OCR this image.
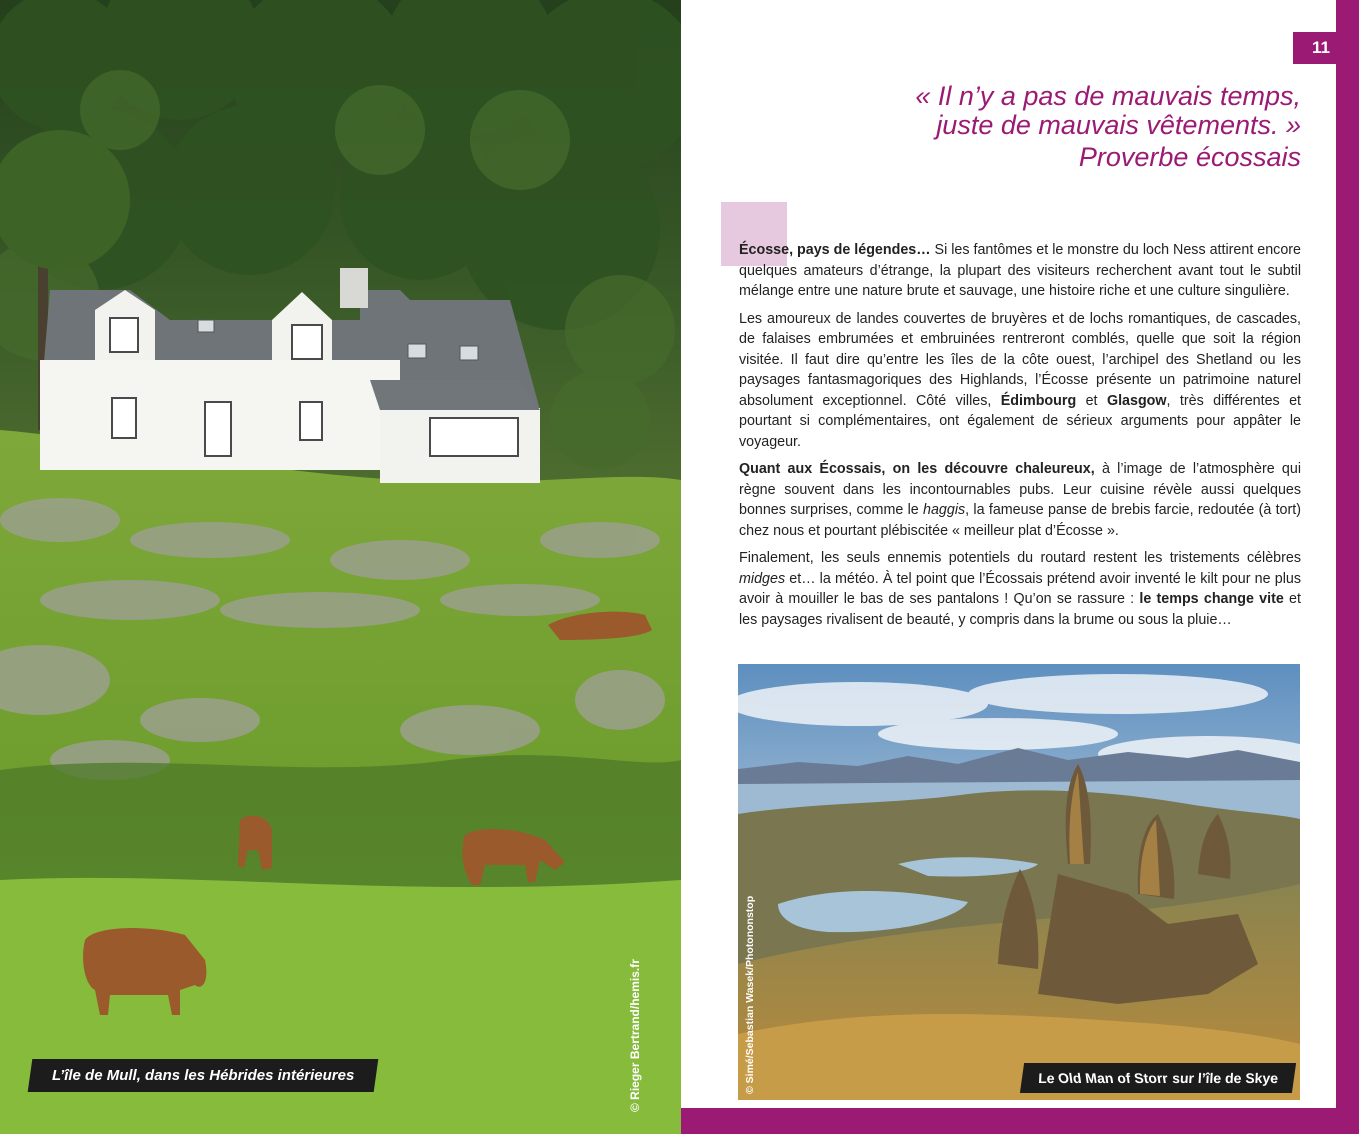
© Rieger Bertrand/hemis.fr
L’île de Mull, dans les Hébrides intérieures
11
« Il n’y a pas de mauvais temps,
juste de mauvais vêtements. »
Proverbe écossais

Écosse, pays de légendes… Si les fantômes et le monstre du loch Ness attirent encore quelques amateurs d’étrange, la plupart des visiteurs recherchent avant tout le subtil mélange entre une nature brute et sauvage, une histoire riche et une culture singulière.

Les amoureux de landes couvertes de bruyères et de lochs romantiques, de cascades, de falaises embrumées et embruinées rentreront comblés, quelle que soit la région visitée. Il faut dire qu’entre les îles de la côte ouest, l’archipel des Shetland ou les paysages fantasmagoriques des Highlands, l’Écosse présente un patrimoine naturel absolument exceptionnel. Côté villes, Édimbourg et Glasgow, très différentes et pourtant si complémentaires, ont également de sérieux arguments pour appâter le voyageur.

Quant aux Écossais, on les découvre chaleureux, à l’image de l’atmosphère qui règne souvent dans les incontournables pubs. Leur cuisine révèle aussi quelques bonnes surprises, comme le haggis, la fameuse panse de brebis farcie, redoutée (à tort) chez nous et pourtant plébiscitée « meilleur plat d’Écosse ».

Finalement, les seuls ennemis potentiels du routard restent les tristements célèbres midges et… la météo. À tel point que l’Écossais prétend avoir inventé le kilt pour ne plus avoir à mouiller le bas de ses pantalons ! Qu’on se rassure : le temps change vite et les paysages rivalisent de beauté, y compris dans la brume ou sous la pluie…

© Simé/Sebastian Wasek/Photononstop	Le Old Man of Storr sur l’île de Skye
